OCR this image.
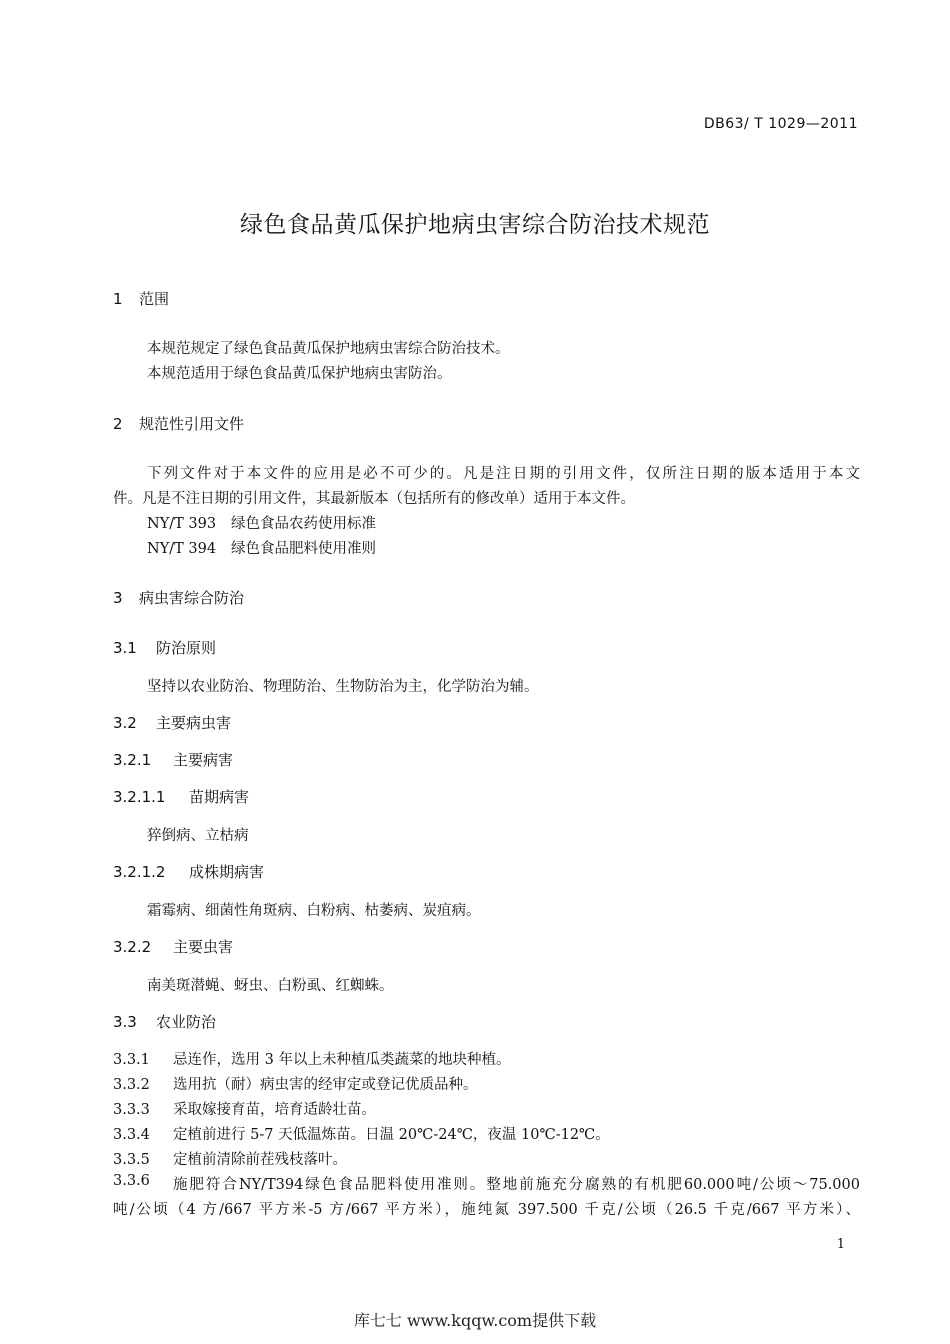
DB63/ T 1029—2011
绿色食品黄瓜保护地病虫害综合防治技术规范
1 范围
本规范规定了绿色食品黄瓜保护地病虫害综合防治技术。
本规范适用于绿色食品黄瓜保护地病虫害防治。
2 规范性引用文件
下列文件对于本文件的应用是必不可少的。凡是注日期的引用文件，仅所注日期的版本适用于本文
件。凡是不注日期的引用文件，其最新版本（包括所有的修改单）适用于本文件。
NY/T 393 绿色食品农药使用标准
NY/T 394 绿色食品肥料使用准则
3 病虫害综合防治
3.1 防治原则
坚持以农业防治、物理防治、生物防治为主，化学防治为辅。
3.2 主要病虫害
3.2.1 主要病害
3.2.1.1 苗期病害
猝倒病、立枯病
3.2.1.2 成株期病害
霜霉病、细菌性角斑病、白粉病、枯萎病、炭疽病。
3.2.2 主要虫害
南美斑潜蝇、蚜虫、白粉虱、红蜘蛛。
3.3 农业防治
3.3.1 忌连作，选用 3 年以上未种植瓜类蔬菜的地块种植。
3.3.2 选用抗（耐）病虫害的经审定或登记优质品种。
3.3.3 采取嫁接育苗，培育适龄壮苗。
3.3.4 定植前进行 5-7 天低温炼苗。日温 20℃-24℃，夜温 10℃-12℃。
3.3.5 定植前清除前茬残枝落叶。
3.3.6	施肥符合NY/T394绿色食品肥料使用准则。整地前施充分腐熟的有机肥60.000吨/公顷～75.000
吨/公顷（4 方/667 平方米-5 方/667 平方米），施纯氮 397.500 千克/公顷（26.5 千克/667 平方米）、
1
库七七 www.kqqw.com提供下载
